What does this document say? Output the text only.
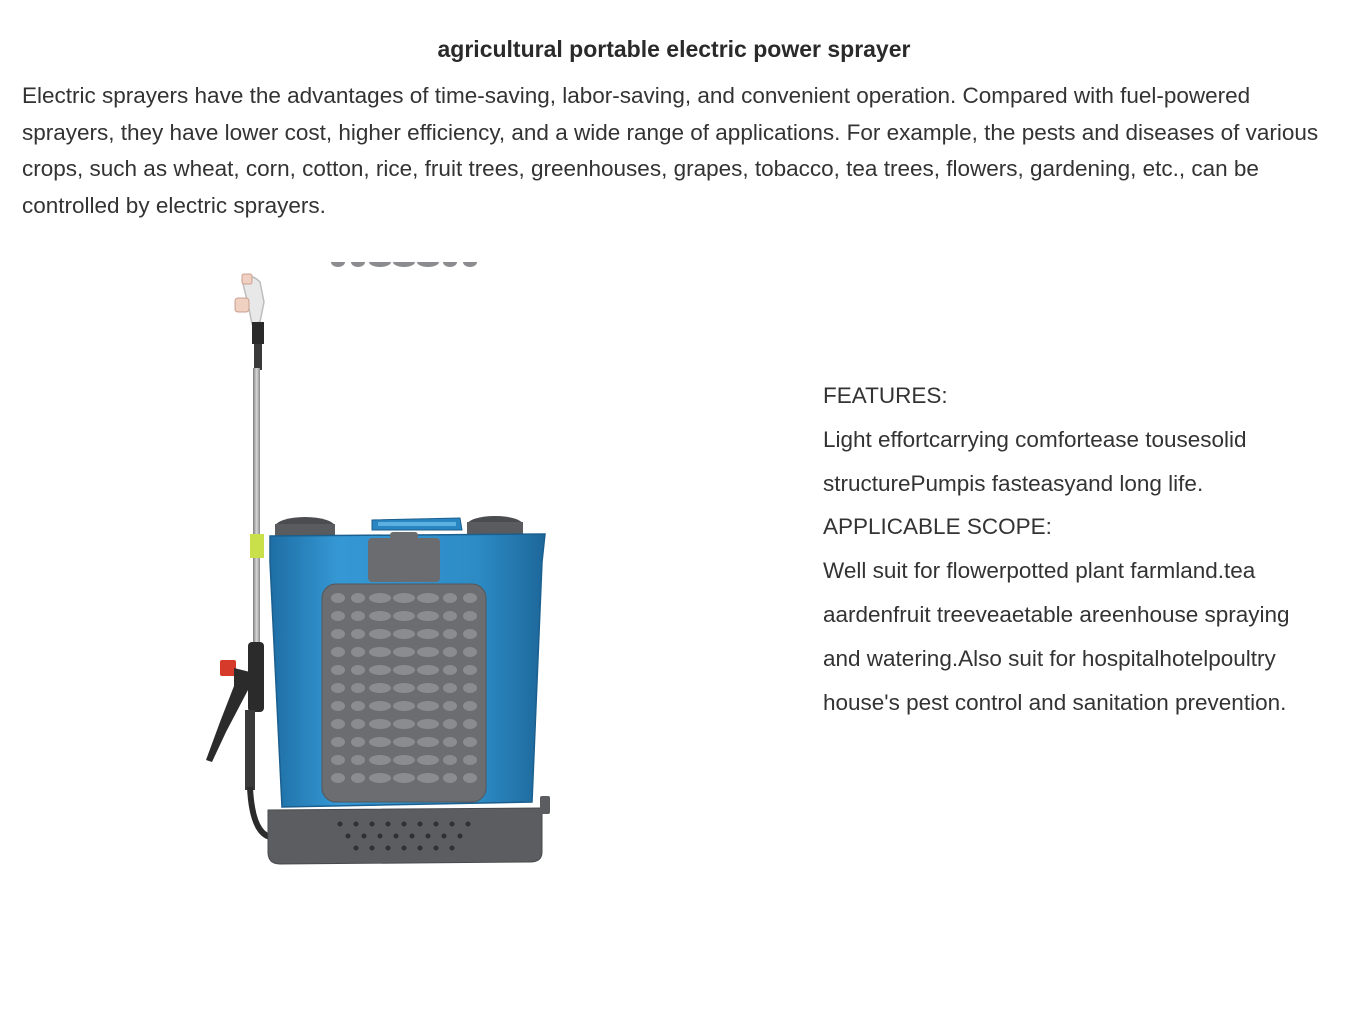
agricultural portable electric power sprayer
Electric sprayers have the advantages of time-saving, labor-saving, and convenient operation. Compared with fuel-powered sprayers, they have lower cost, higher efficiency, and a wide range of applications. For example, the pests and diseases of various crops, such as wheat, corn, cotton, rice, fruit trees, greenhouses, grapes, tobacco, tea trees, flowers, gardening, etc., can be controlled by electric sprayers.

FEATURES:

Light effortcarrying comfortease tousesolid structurePumpis fasteasyand long life.

APPLICABLE SCOPE:

Well suit for flowerpotted plant farmland.tea aardenfruit treeveaetable areenhouse spraying and watering.Also suit for hospitalhotelpoultry house's pest control and sanitation prevention.
